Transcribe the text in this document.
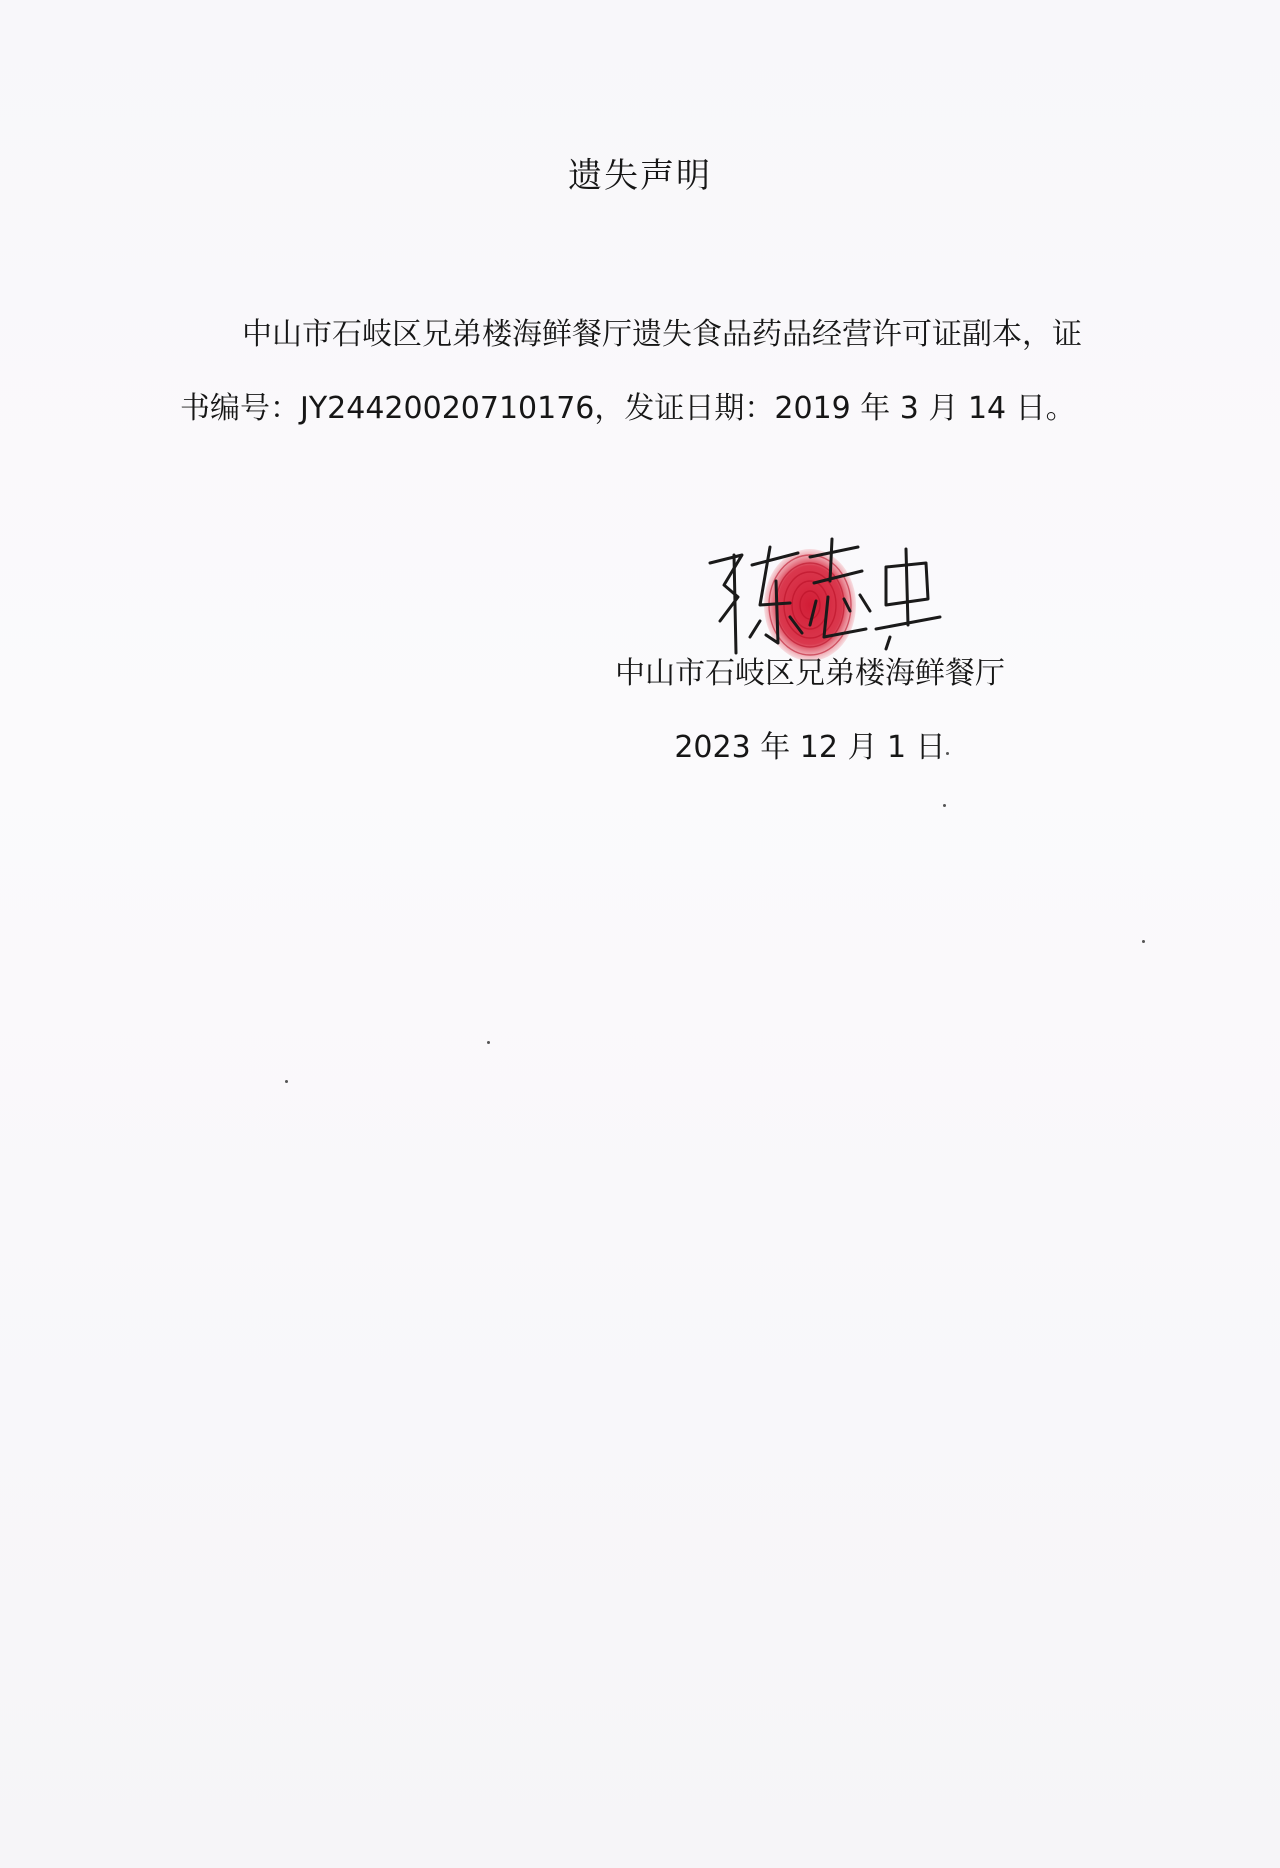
遗失声明

中山市石岐区兄弟楼海鲜餐厅遗失食品药品经营许可证副本，证书编号：JY24420020710176，发证日期：2019 年 3 月 14 日。

中山市石岐区兄弟楼海鲜餐厅

2023 年 12 月 1 日
